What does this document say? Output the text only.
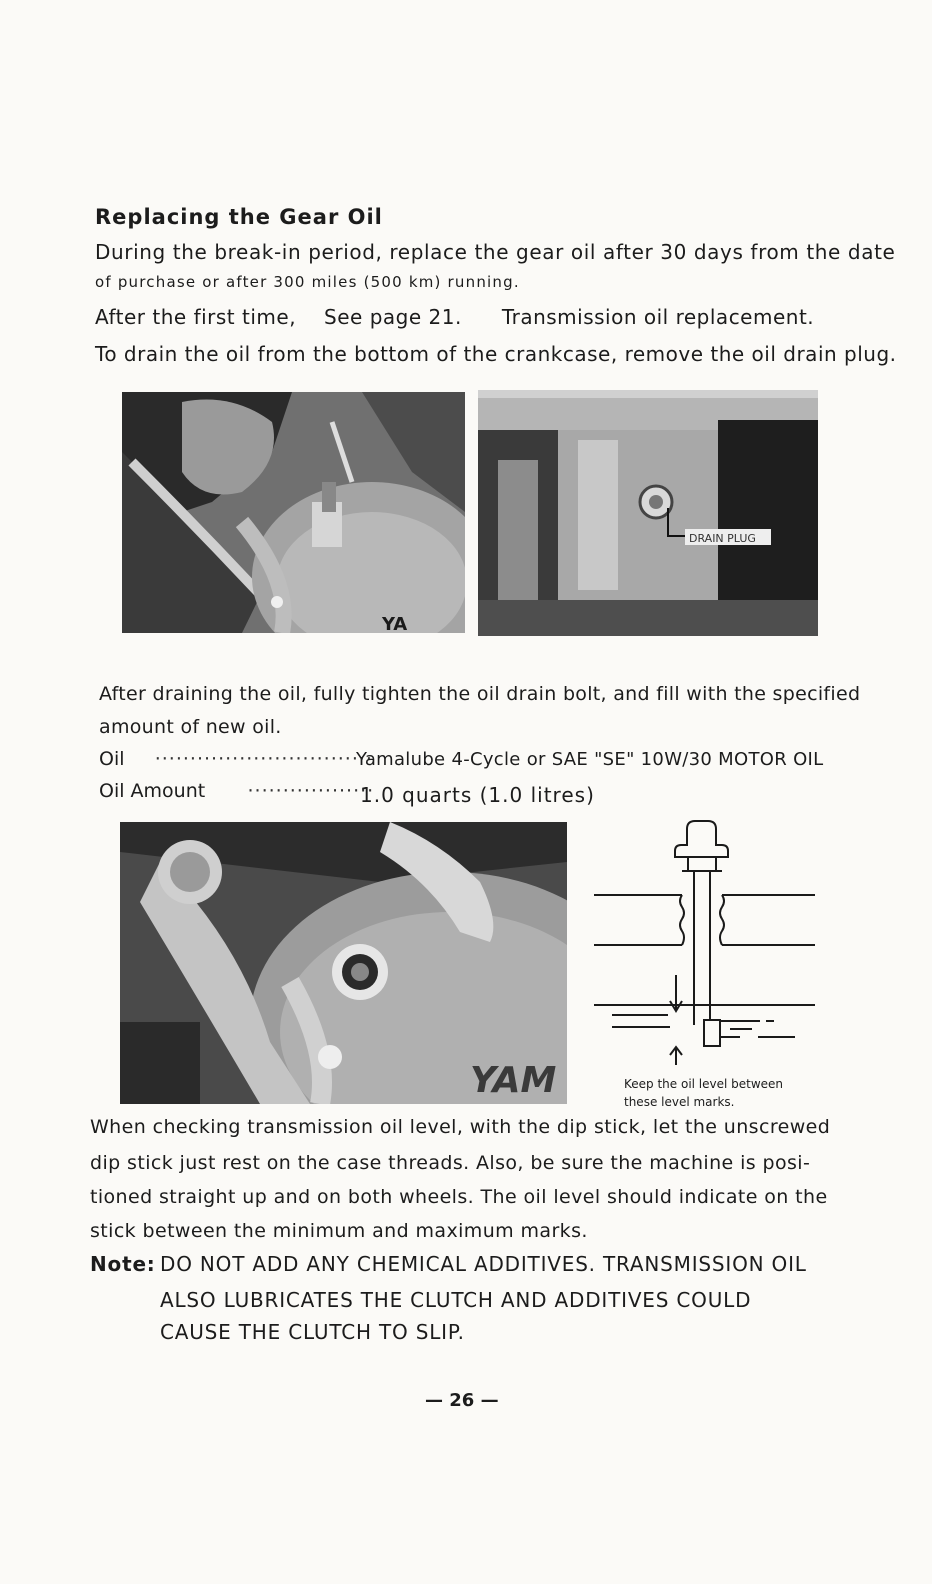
Replacing the Gear Oil
During the break-in period, replace the gear oil after 30 days from the date
of purchase or after 300 miles (500 km) running.
After the first time, See page 21. Transmission oil replacement.
To drain the oil from the bottom of the crankcase, remove the oil drain plug.
YA
DRAIN PLUG
After draining the oil, fully tighten the oil drain bolt, and fill with the specified
amount of new oil.
Oil ·······························
Yamalube 4-Cycle or SAE "SE" 10W/30 MOTOR OIL
Oil Amount ··················
1.0 quarts (1.0 litres)
YAM	Keep the oil level between
these level marks.
When checking transmission oil level, with the dip stick, let the unscrewed
dip stick just rest on the case threads. Also, be sure the machine is posi-
tioned straight up and on both wheels. The oil level should indicate on the
stick between the minimum and maximum marks.
Note: DO NOT ADD ANY CHEMICAL ADDITIVES. TRANSMISSION OIL
ALSO LUBRICATES THE CLUTCH AND ADDITIVES COULD
CAUSE THE CLUTCH TO SLIP.
— 26 —
